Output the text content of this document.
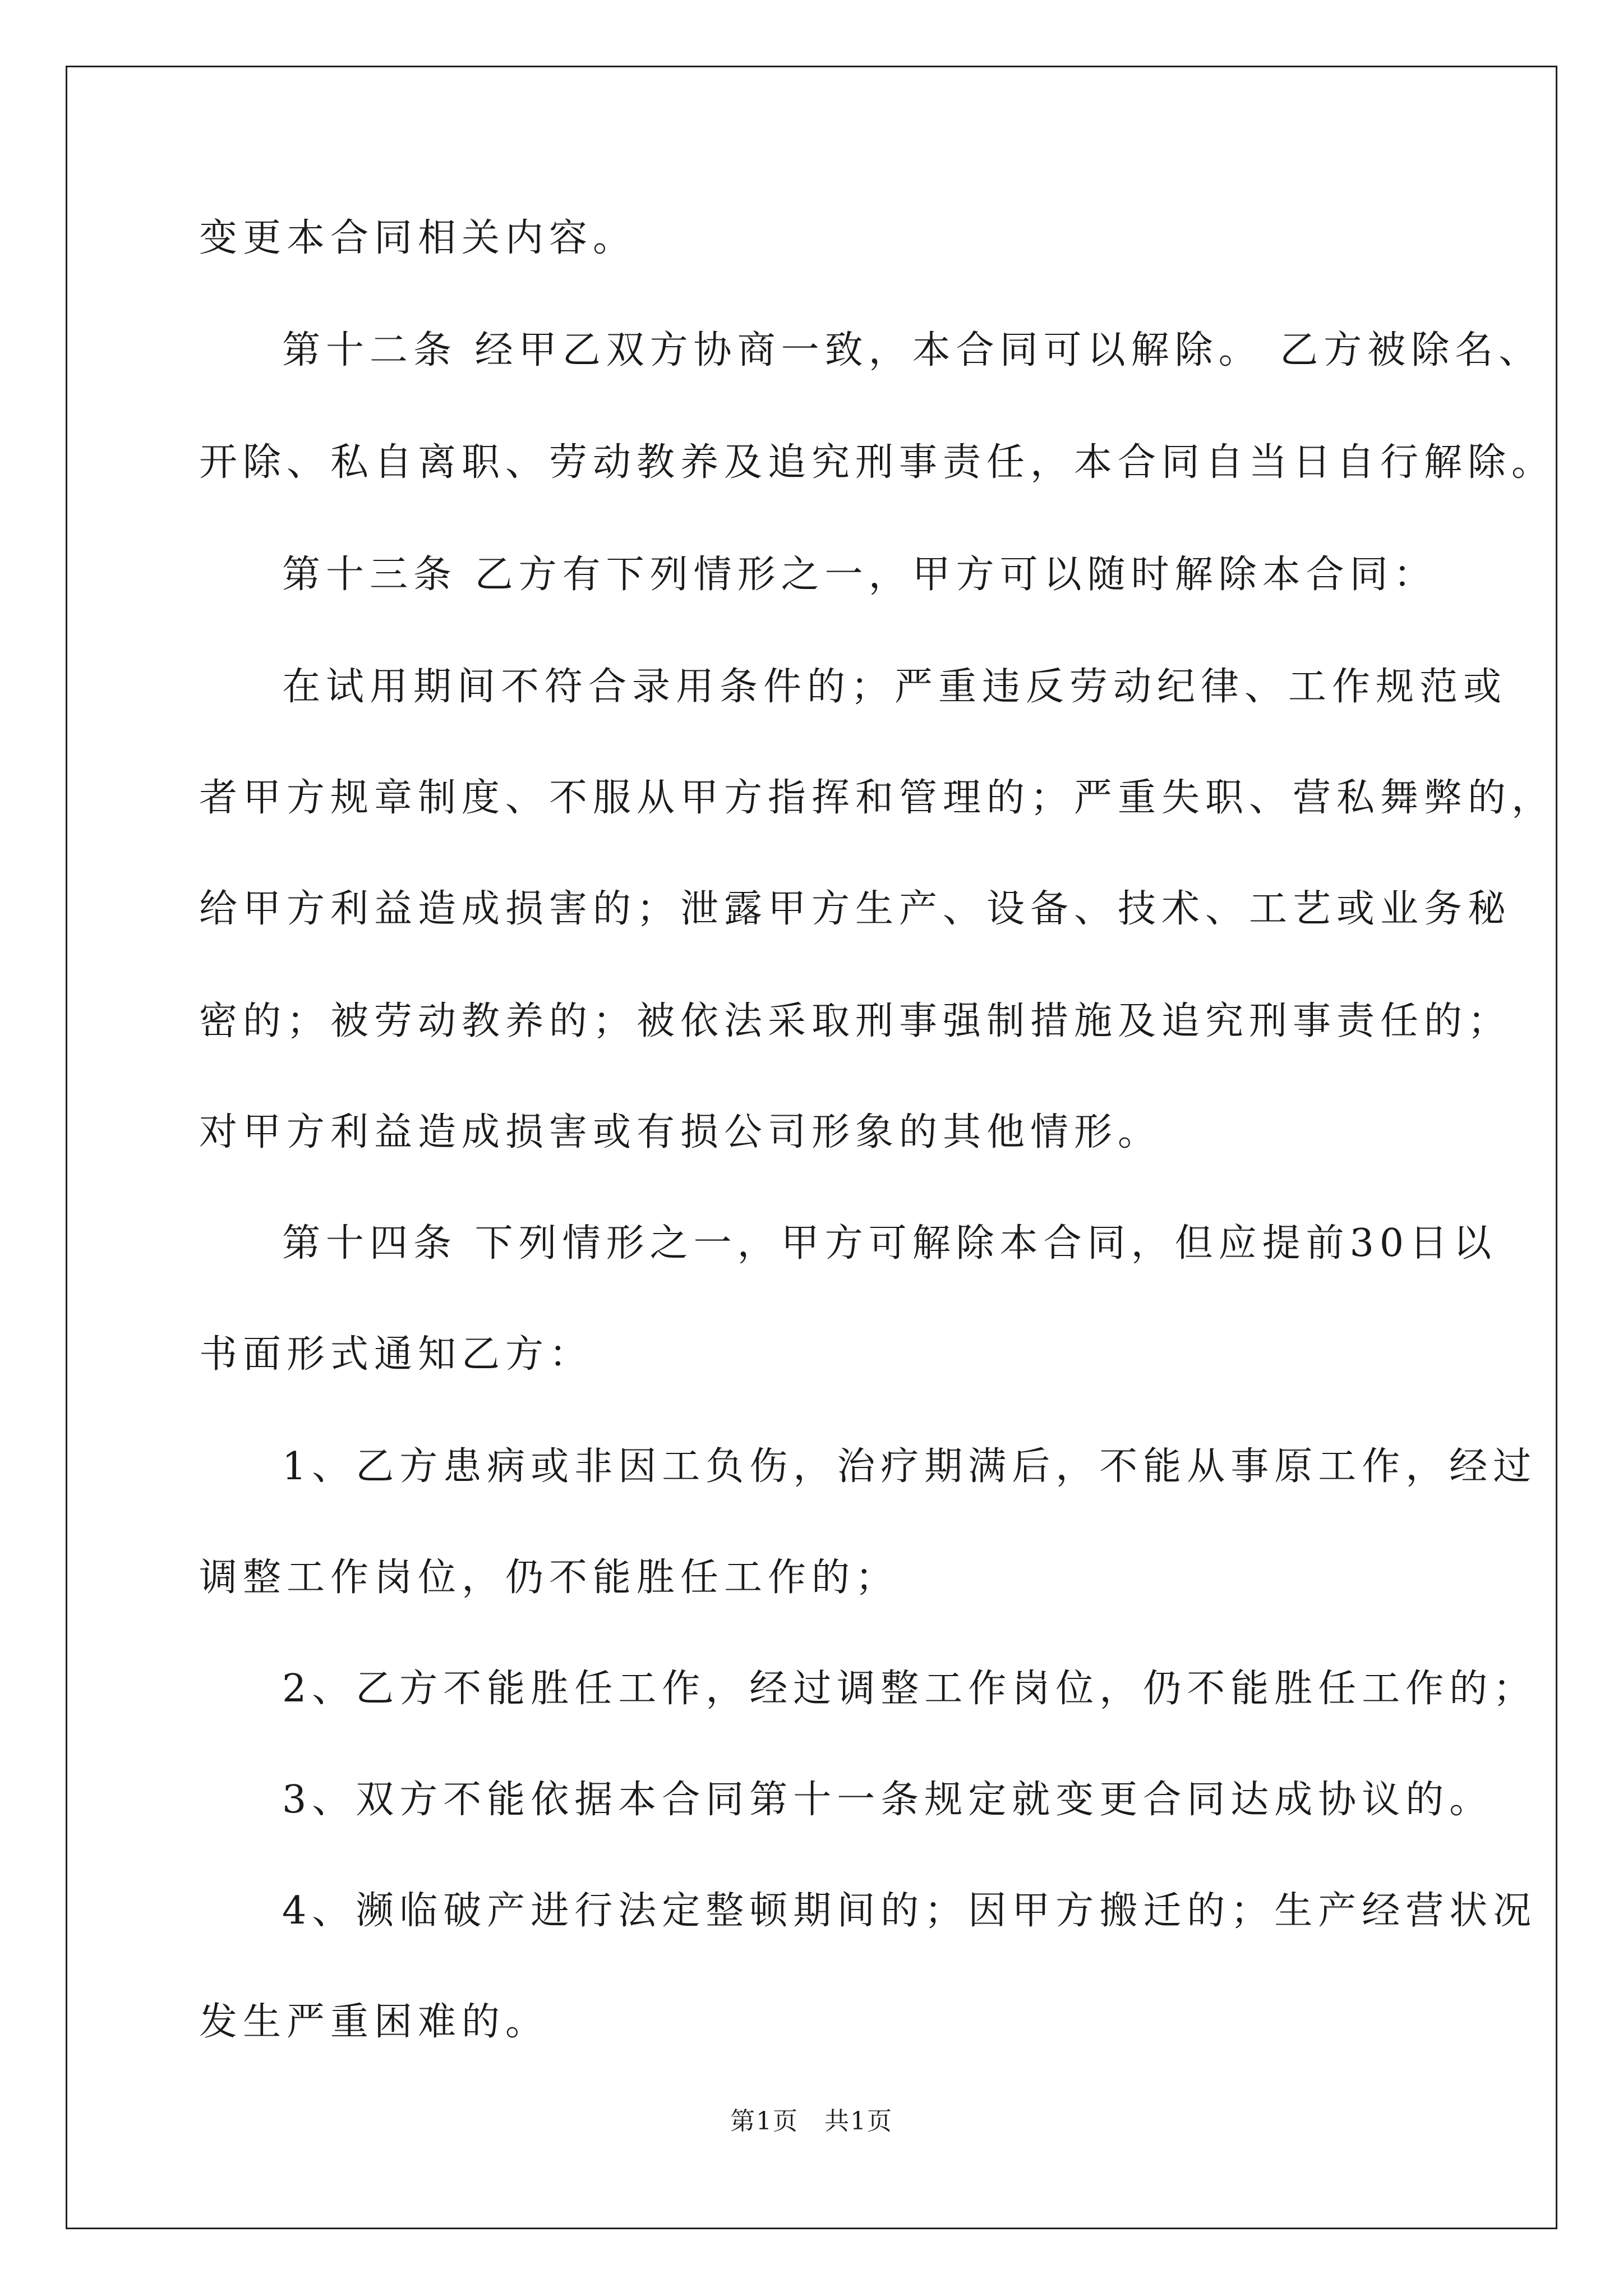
变更本合同相关内容。
第十二条 经甲乙双方协商一致，本合同可以解除。 乙方被除名、
开除、私自离职、劳动教养及追究刑事责任，本合同自当日自行解除。
第十三条 乙方有下列情形之一，甲方可以随时解除本合同：
在试用期间不符合录用条件的；严重违反劳动纪律、工作规范或
者甲方规章制度、不服从甲方指挥和管理的；严重失职、营私舞弊的，
给甲方利益造成损害的；泄露甲方生产、设备、技术、工艺或业务秘
密的；被劳动教养的；被依法采取刑事强制措施及追究刑事责任的；
对甲方利益造成损害或有损公司形象的其他情形。
第十四条 下列情形之一，甲方可解除本合同，但应提前30日以
书面形式通知乙方：
1、乙方患病或非因工负伤，治疗期满后，不能从事原工作，经过
调整工作岗位，仍不能胜任工作的；
2、乙方不能胜任工作，经过调整工作岗位，仍不能胜任工作的；
3、双方不能依据本合同第十一条规定就变更合同达成协议的。
4、濒临破产进行法定整顿期间的；因甲方搬迁的；生产经营状况
发生严重困难的。
第1页　共1页
